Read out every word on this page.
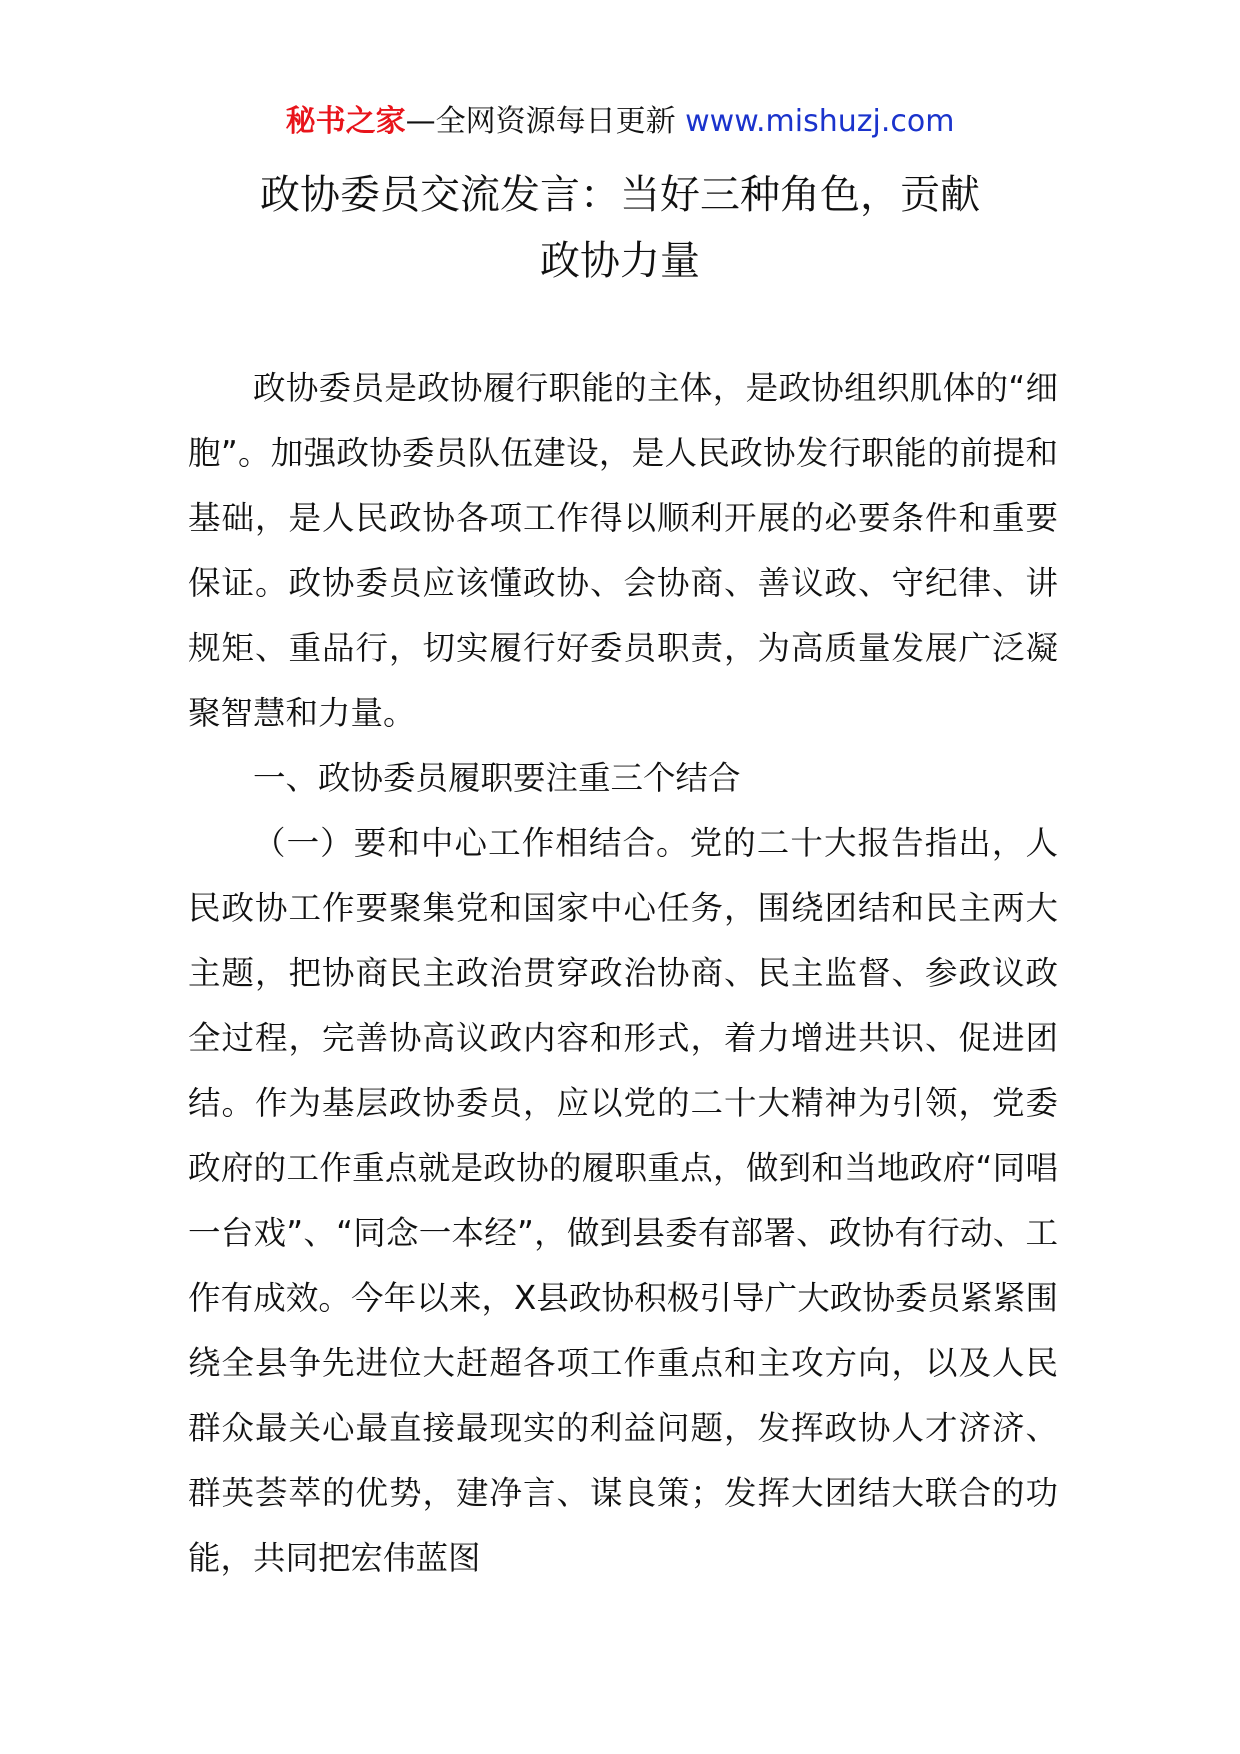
秘书之家—全网资源每日更新 www.mishuzj.com
政协委员交流发言：当好三种角色，贡献
政协力量

政协委员是政协履行职能的主体，是政协组织肌体的“细胞”。加强政协委员队伍建设，是人民政协发行职能的前提和基础，是人民政协各项工作得以顺利开展的必要条件和重要保证。政协委员应该懂政协、会协商、善议政、守纪律、讲规矩、重品行，切实履行好委员职责，为高质量发展广泛凝聚智慧和力量。

一、政协委员履职要注重三个结合

（一）要和中心工作相结合。党的二十大报告指出，人民政协工作要聚集党和国家中心任务，围绕团结和民主两大主题，把协商民主政治贯穿政治协商、民主监督、参政议政全过程，完善协高议政内容和形式，着力增进共识、促进团结。作为基层政协委员，应以党的二十大精神为引领，党委政府的工作重点就是政协的履职重点，做到和当地政府“同唱一台戏”、“同念一本经”，做到县委有部署、政协有行动、工作有成效。今年以来，X县政协积极引导广大政协委员紧紧围绕全县争先进位大赶超各项工作重点和主攻方向，以及人民群众最关心最直接最现实的利益问题，发挥政协人才济济、群英荟萃的优势，建净言、谋良策；发挥大团结大联合的功能，共同把宏伟蓝图
